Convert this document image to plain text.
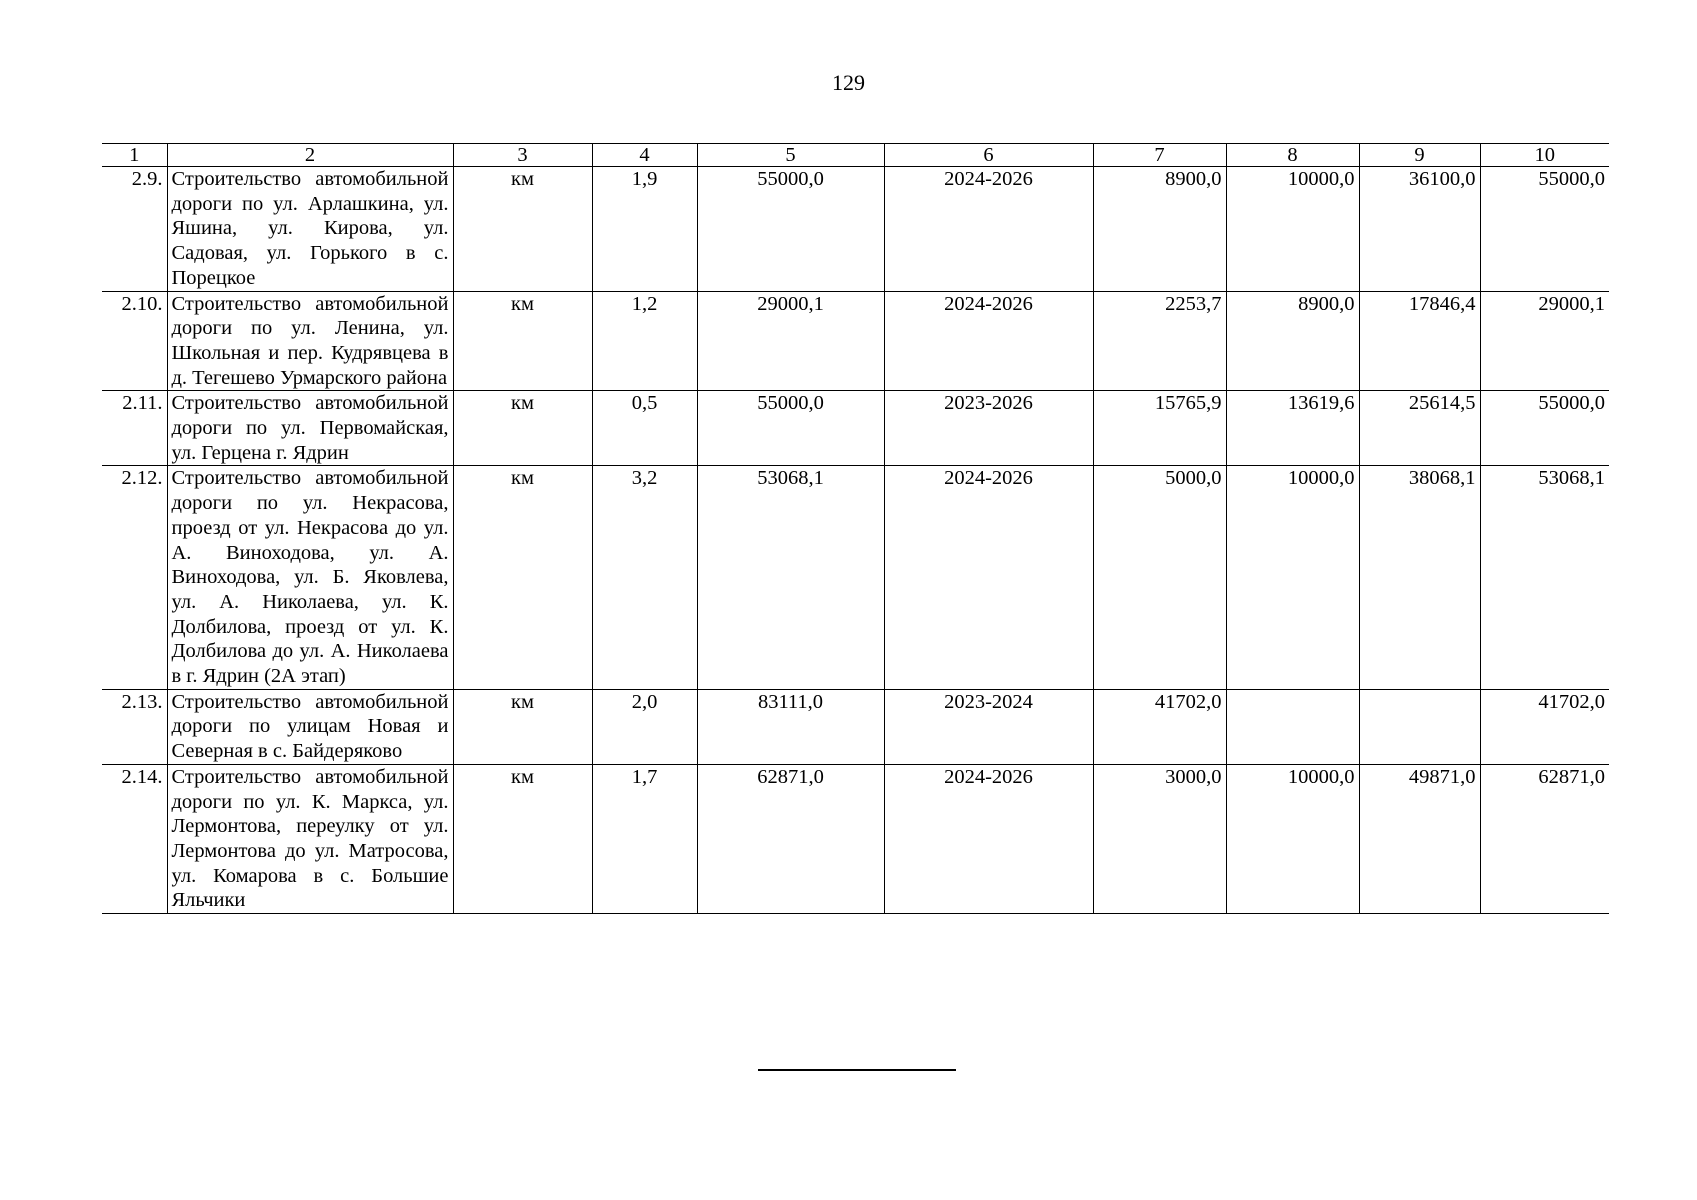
129
1	2	3	4	5	6	7	8	9	10
2.9.	Строительство автомобильной дороги по ул. Арлашкина, ул. Яшина, ул. Кирова, ул. Садовая, ул. Горького в с. Порецкое	км	1,9	55000,0	2024-2026	8900,0	10000,0	36100,0	55000,0
2.10.	Строительство автомобильной дороги по ул. Ленина, ул. Школьная и пер. Кудрявцева в д. Тегешево Урмарского района	км	1,2	29000,1	2024-2026	2253,7	8900,0	17846,4	29000,1
2.11.	Строительство автомобильной дороги по ул. Первомайская, ул. Герцена г. Ядрин	км	0,5	55000,0	2023-2026	15765,9	13619,6	25614,5	55000,0
2.12.	Строительство автомобильной дороги по ул. Некрасова, проезд от ул. Некрасова до ул. А. Виноходова, ул. А. Виноходова, ул. Б. Яковлева, ул. А. Николаева, ул. К. Долбилова, проезд от ул. К. Долбилова до ул. А. Николаева в г. Ядрин (2А этап)	км	3,2	53068,1	2024-2026	5000,0	10000,0	38068,1	53068,1
2.13.	Строительство автомобильной дороги по улицам Новая и Северная в с. Байдеряково	км	2,0	83111,0	2023-2024	41702,0			41702,0
2.14.	Строительство автомобильной дороги по ул. К. Маркса, ул. Лермонтова, переулку от ул. Лермонтова до ул. Матросова, ул. Комарова в с. Большие Яльчики	км	1,7	62871,0	2024-2026	3000,0	10000,0	49871,0	62871,0
